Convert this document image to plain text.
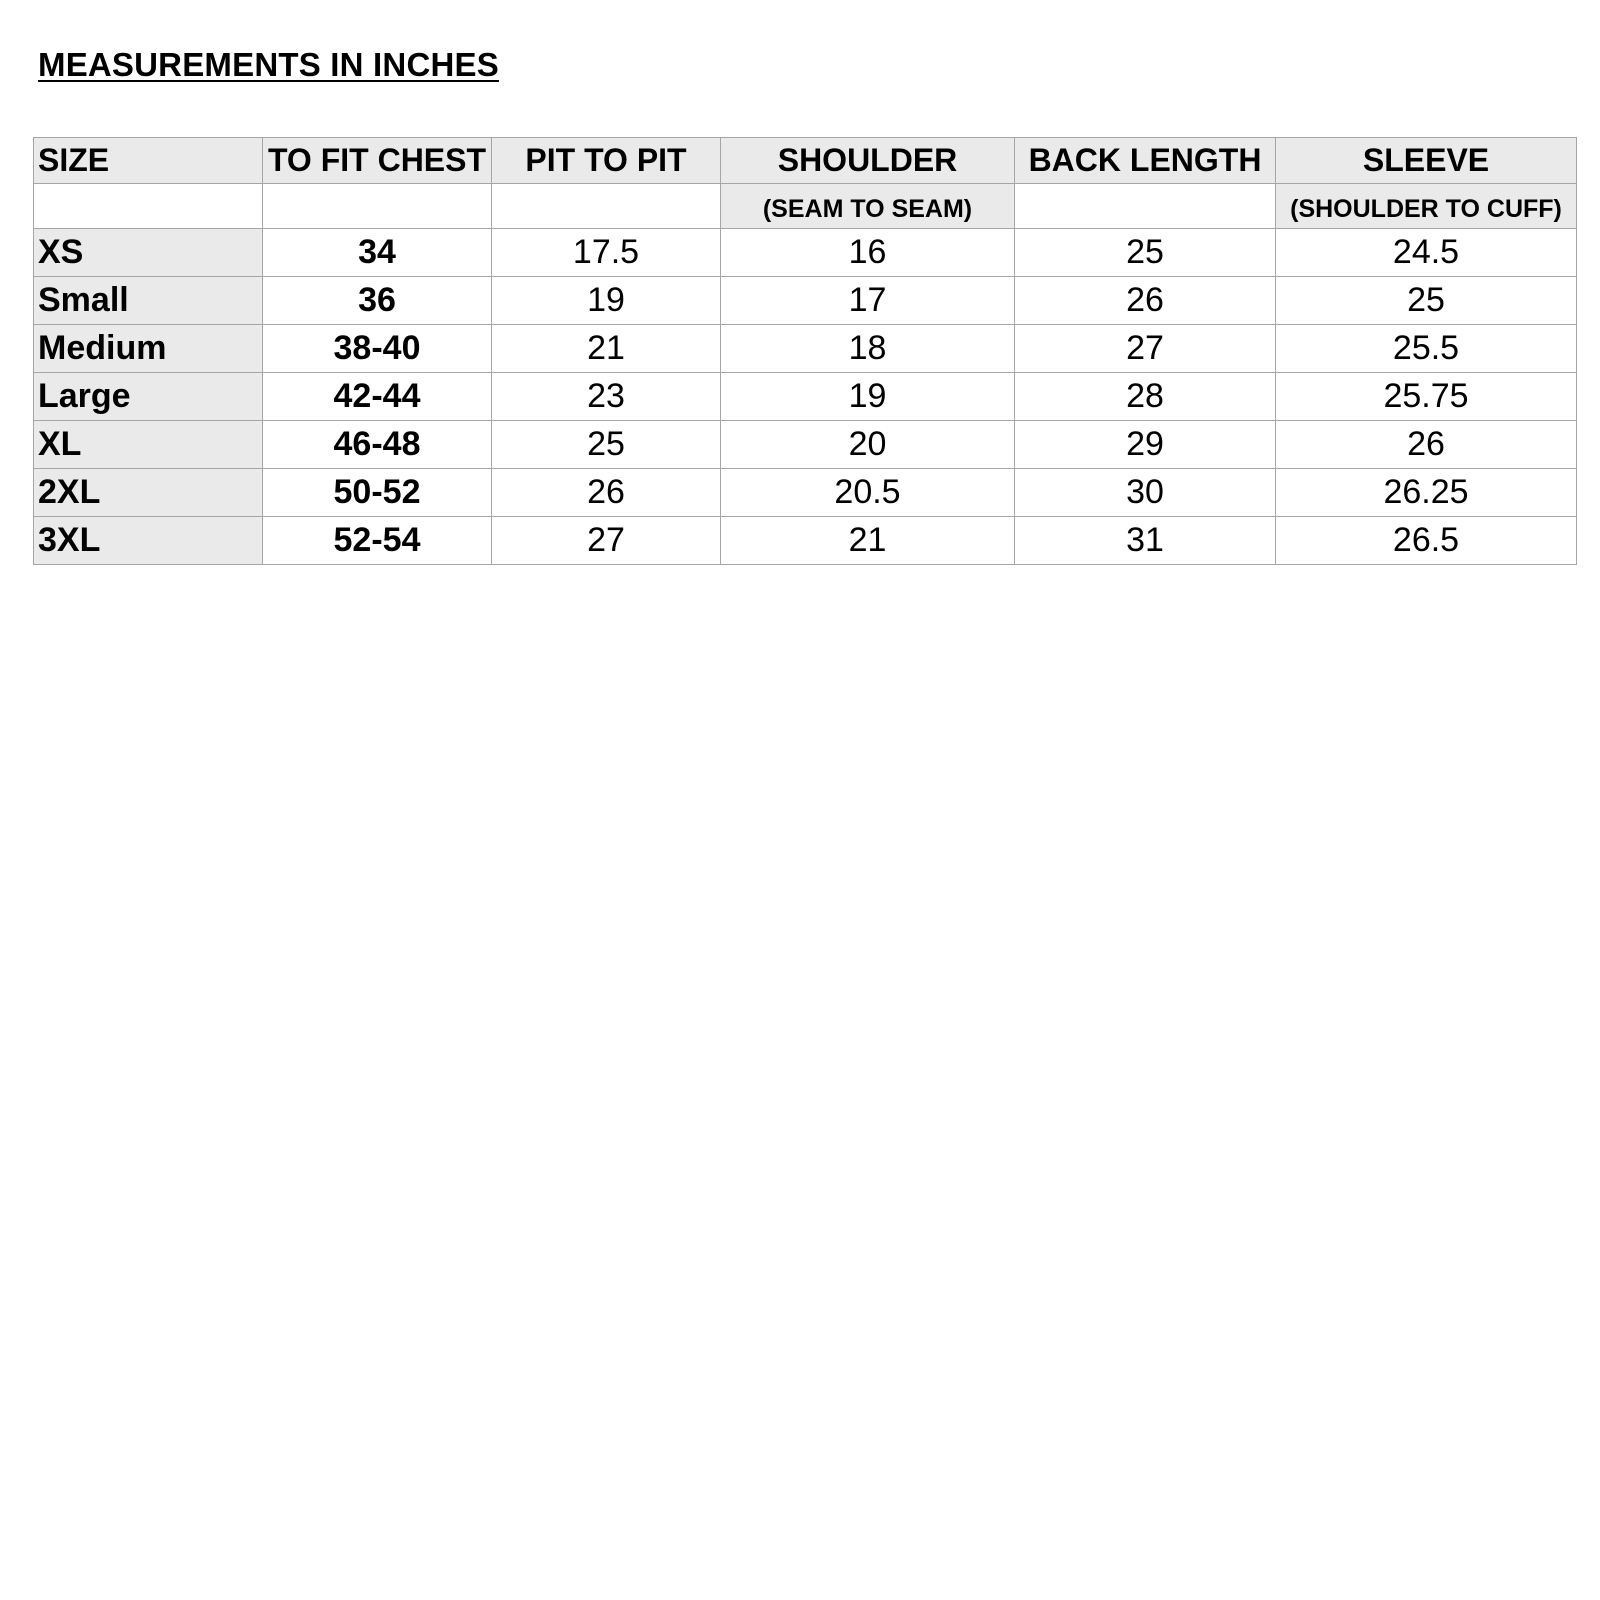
MEASUREMENTS IN INCHES
SIZE	TO FIT CHEST	PIT TO PIT	SHOULDER	BACK LENGTH	SLEEVE
			(SEAM TO SEAM)		(SHOULDER TO CUFF)
XS	34	17.5	16	25	24.5
Small	36	19	17	26	25
Medium	38-40	21	18	27	25.5
Large	42-44	23	19	28	25.75
XL	46-48	25	20	29	26
2XL	50-52	26	20.5	30	26.25
3XL	52-54	27	21	31	26.5
